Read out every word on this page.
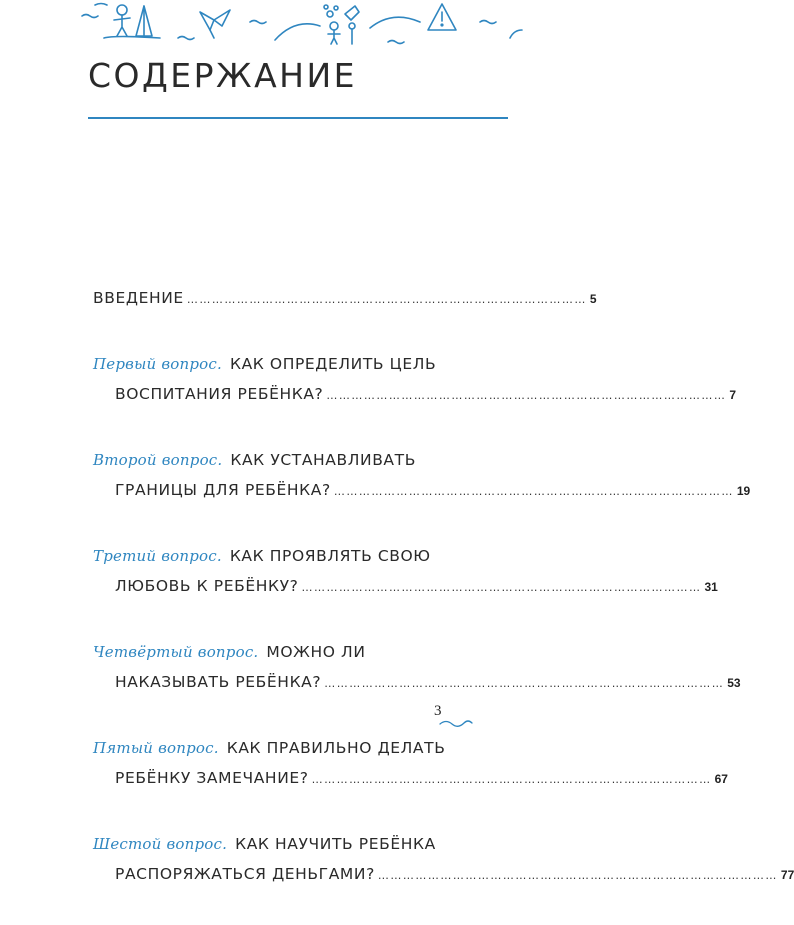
СОДЕРЖАНИЕ
ВВЕДЕНИЕ …………………………………………………………………………………… 5
Первый вопрос. КАК ОПРЕДЕЛИТЬ ЦЕЛЬ
ВОСПИТАНИЯ РЕБЁНКА? …………………………………………………………………………………… 7
Второй вопрос. КАК УСТАНАВЛИВАТЬ
ГРАНИЦЫ ДЛЯ РЕБЁНКА? …………………………………………………………………………………… 19
Третий вопрос. КАК ПРОЯВЛЯТЬ СВОЮ
ЛЮБОВЬ К РЕБЁНКУ? …………………………………………………………………………………… 31
Четвёртый вопрос. МОЖНО ЛИ
НАКАЗЫВАТЬ РЕБЁНКА? …………………………………………………………………………………… 53
Пятый вопрос. КАК ПРАВИЛЬНО ДЕЛАТЬ
РЕБЁНКУ ЗАМЕЧАНИЕ? …………………………………………………………………………………… 67
Шестой вопрос. КАК НАУЧИТЬ РЕБЁНКА
РАСПОРЯЖАТЬСЯ ДЕНЬГАМИ? …………………………………………………………………………………… 77
3
